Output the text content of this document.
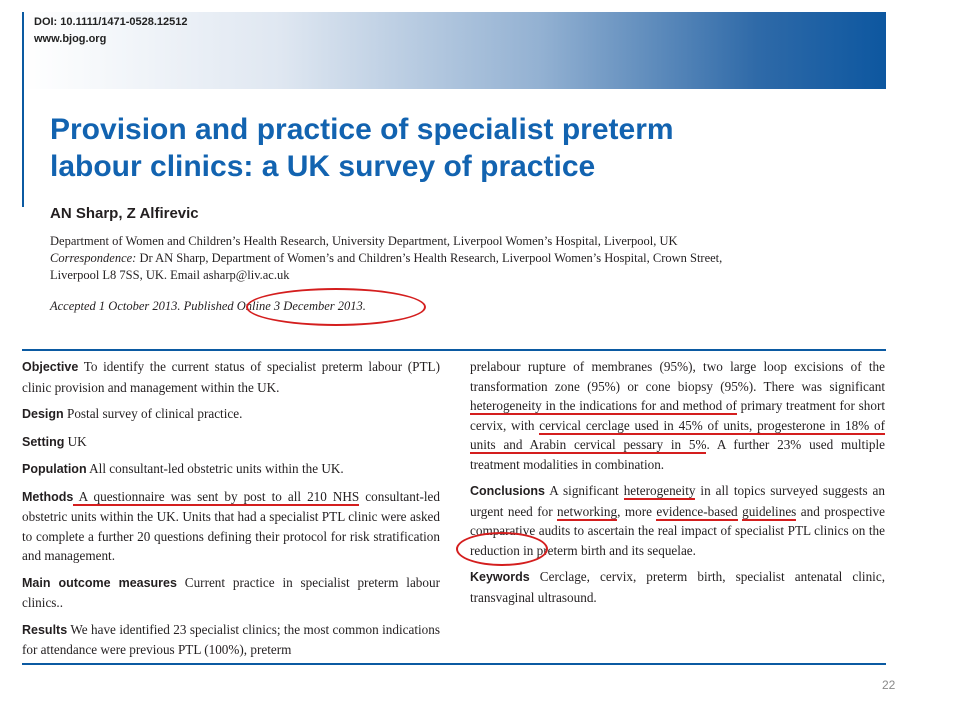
DOI: 10.1111/1471-0528.12512
www.bjog.org
Provision and practice of specialist preterm
labour clinics: a UK survey of practice
AN Sharp, Z Alfirevic
Department of Women and Children’s Health Research, University Department, Liverpool Women’s Hospital, Liverpool, UK
Correspondence: Dr AN Sharp, Department of Women’s and Children’s Health Research, Liverpool Women’s Hospital, Crown Street,
Liverpool L8 7SS, UK. Email asharp@liv.ac.uk
Accepted 1 October 2013. Published Online 3 December 2013.

Objective To identify the current status of specialist preterm labour (PTL) clinic provision and management within the UK.

Design Postal survey of clinical practice.

Setting UK

Population All consultant-led obstetric units within the UK.

Methods A questionnaire was sent by post to all 210 NHS consultant-led obstetric units within the UK. Units that had a specialist PTL clinic were asked to complete a further 20 questions defining their protocol for risk stratification and management.

Main outcome measures Current practice in specialist preterm labour clinics..

Results We have identified 23 specialist clinics; the most common indications for attendance were previous PTL (100%), preterm

prelabour rupture of membranes (95%), two large loop excisions of the transformation zone (95%) or cone biopsy (95%). There was significant heterogeneity in the indications for and method of primary treatment for short cervix, with cervical cerclage used in 45% of units, progesterone in 18% of units and Arabin cervical pessary in 5%. A further 23% used multiple treatment modalities in combination.

Conclusions A significant heterogeneity in all topics surveyed suggests an urgent need for networking, more evidence-based guidelines and prospective comparative audits to ascertain the real impact of specialist PTL clinics on the reduction in preterm birth and its sequelae.

Keywords Cerclage, cervix, preterm birth, specialist antenatal clinic, transvaginal ultrasound.

22
